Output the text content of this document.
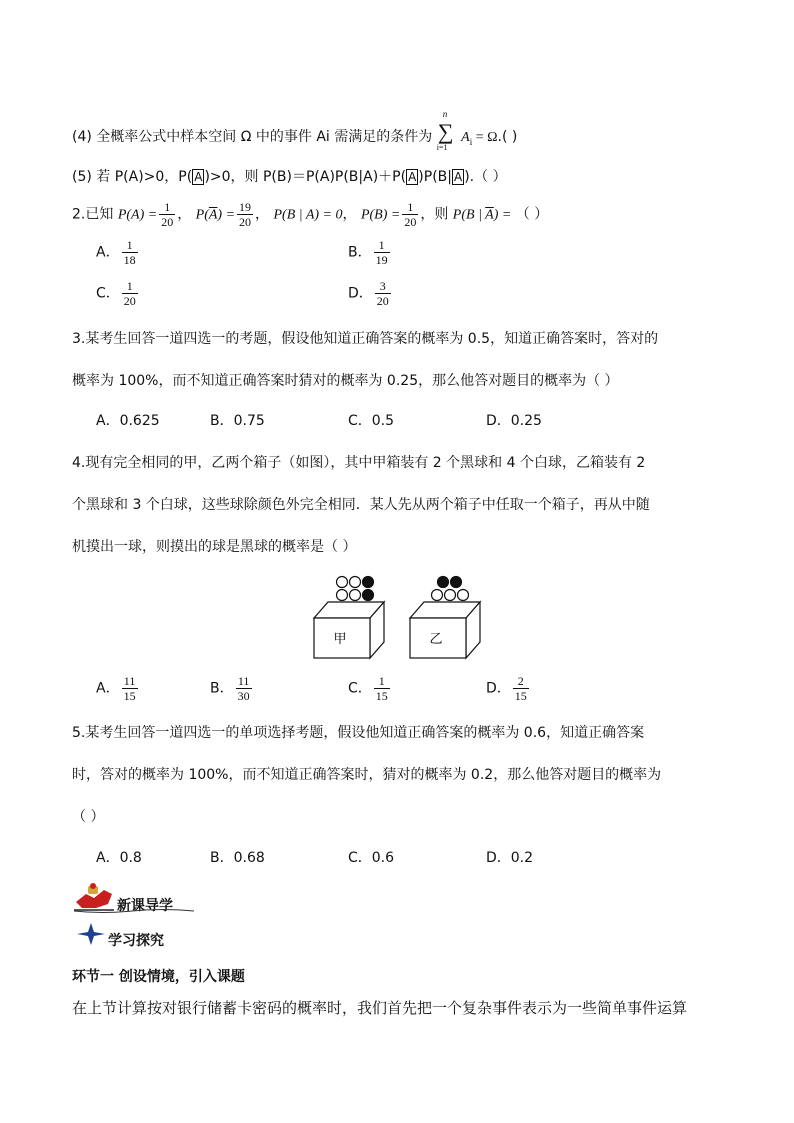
(4) 全概率公式中样本空间 Ω 中的事件 Ai 需满足的条件为
n
∑
i=1
$A_i = \Omega$.( )
(5) 若 P(A)>0，P( A )>0，则 P(B)＝P(A)P(B|A)＋P( A )P(B| A ).（ ）
2.已知 $P(A) = \frac{1}{20}$ ， $P(\overline{A}) = \frac{19}{20}$ ， P(B | A) = 0， $P(B) = \frac{1}{20}$ ，则 P(B | $\overline{A}$) = （ ）
A． $\frac{1}{18}$	B． $\frac{1}{19}$
C． $\frac{1}{20}$	D． $\frac{3}{20}$
3.某考生回答一道四选一的考题，假设他知道正确答案的概率为 0.5，知道正确答案时，答对的
概率为 100%，而不知道正确答案时猜对的概率为 0.25，那么他答对题目的概率为（ ）
A．0.625	B．0.75	C．0.5	D．0.25
4.现有完全相同的甲，乙两个箱子（如图），其中甲箱装有 2 个黑球和 4 个白球，乙箱装有 2
个黑球和 3 个白球，这些球除颜色外完全相同．某人先从两个箱子中任取一个箱子，再从中随
机摸出一球，则摸出的球是黑球的概率是（ ）
甲	乙
A． $\frac{11}{15}$	B． $\frac{11}{30}$	C． $\frac{1}{15}$	D． $\frac{2}{15}$
5.某考生回答一道四选一的单项选择考题，假设他知道正确答案的概率为 0.6，知道正确答案
时，答对的概率为 100%，而不知道正确答案时，猜对的概率为 0.2，那么他答对题目的概率为
（ ）
A．0.8	B．0.68	C．0.6	D．0.2
新课导学
学习探究
环节一 创设情境，引入课题
在上节计算按对银行储蓄卡密码的概率时，我们首先把一个复杂事件表示为一些简单事件运算
